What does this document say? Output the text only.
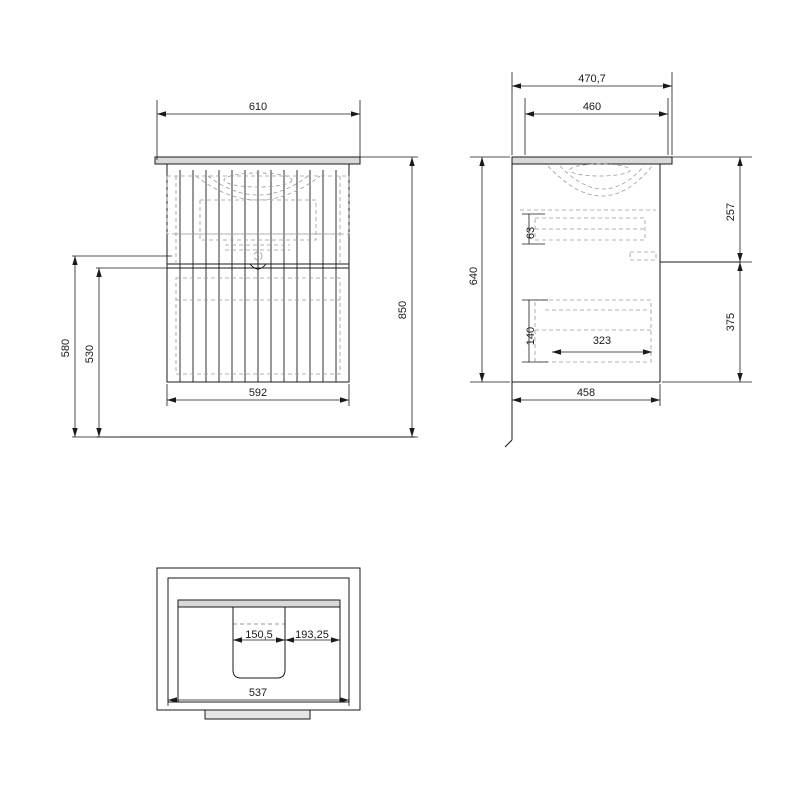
610
592
850
580 530
470,7
460
458
640
257
375
63
140	323
150,5 193,25
537
